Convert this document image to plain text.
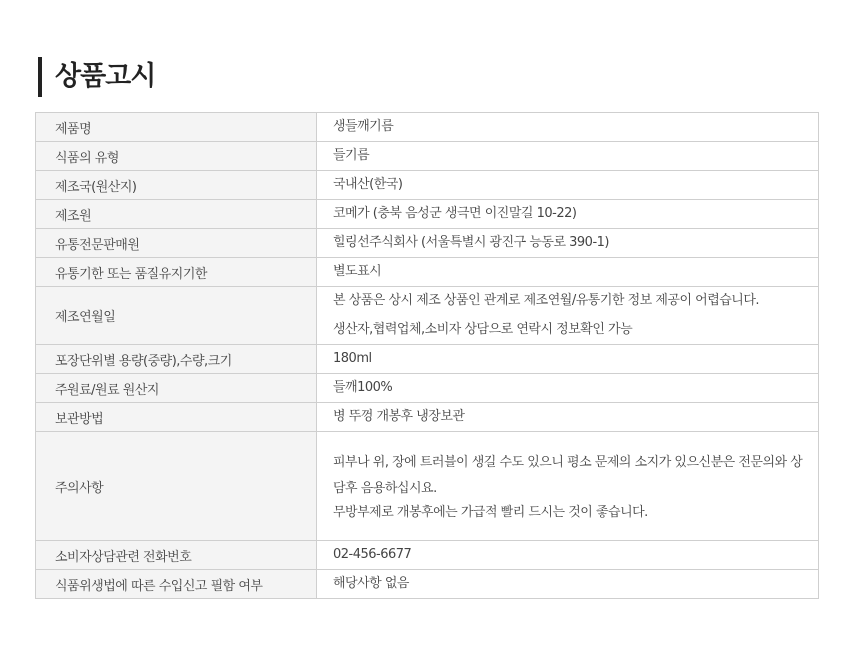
상품고시
제품명	생들깨기름

식품의 유형	들기름

제조국(원산지)	국내산(한국)

제조원	코메가 (충북 음성군 생극면 이진말길 10-22)

유통전문판매원	힐링선주식회사 (서울특별시 광진구 능동로 390-1)

유통기한 또는 품질유지기한	별도표시

제조연월일	본 상품은 상시 제조 상품인 관계로 제조연월/유통기한 정보 제공이 어렵습니다.
생산자,협력업체,소비자 상담으로 연락시 정보확인 가능

포장단위별 용량(중량),수량,크기	180ml

주원료/원료 원산지	들깨100%

보관방법	병 뚜껑 개봉후 냉장보관

주의사항	피부나 위, 장에 트러블이 생길 수도 있으니 평소 문제의 소지가 있으신분은 전문의와 상담후 음용하십시요.
무방부제로 개봉후에는 가급적 빨리 드시는 것이 좋습니다.

소비자상담관련 전화번호	02-456-6677

식품위생법에 따른 수입신고 필함 여부	해당사항 없음
